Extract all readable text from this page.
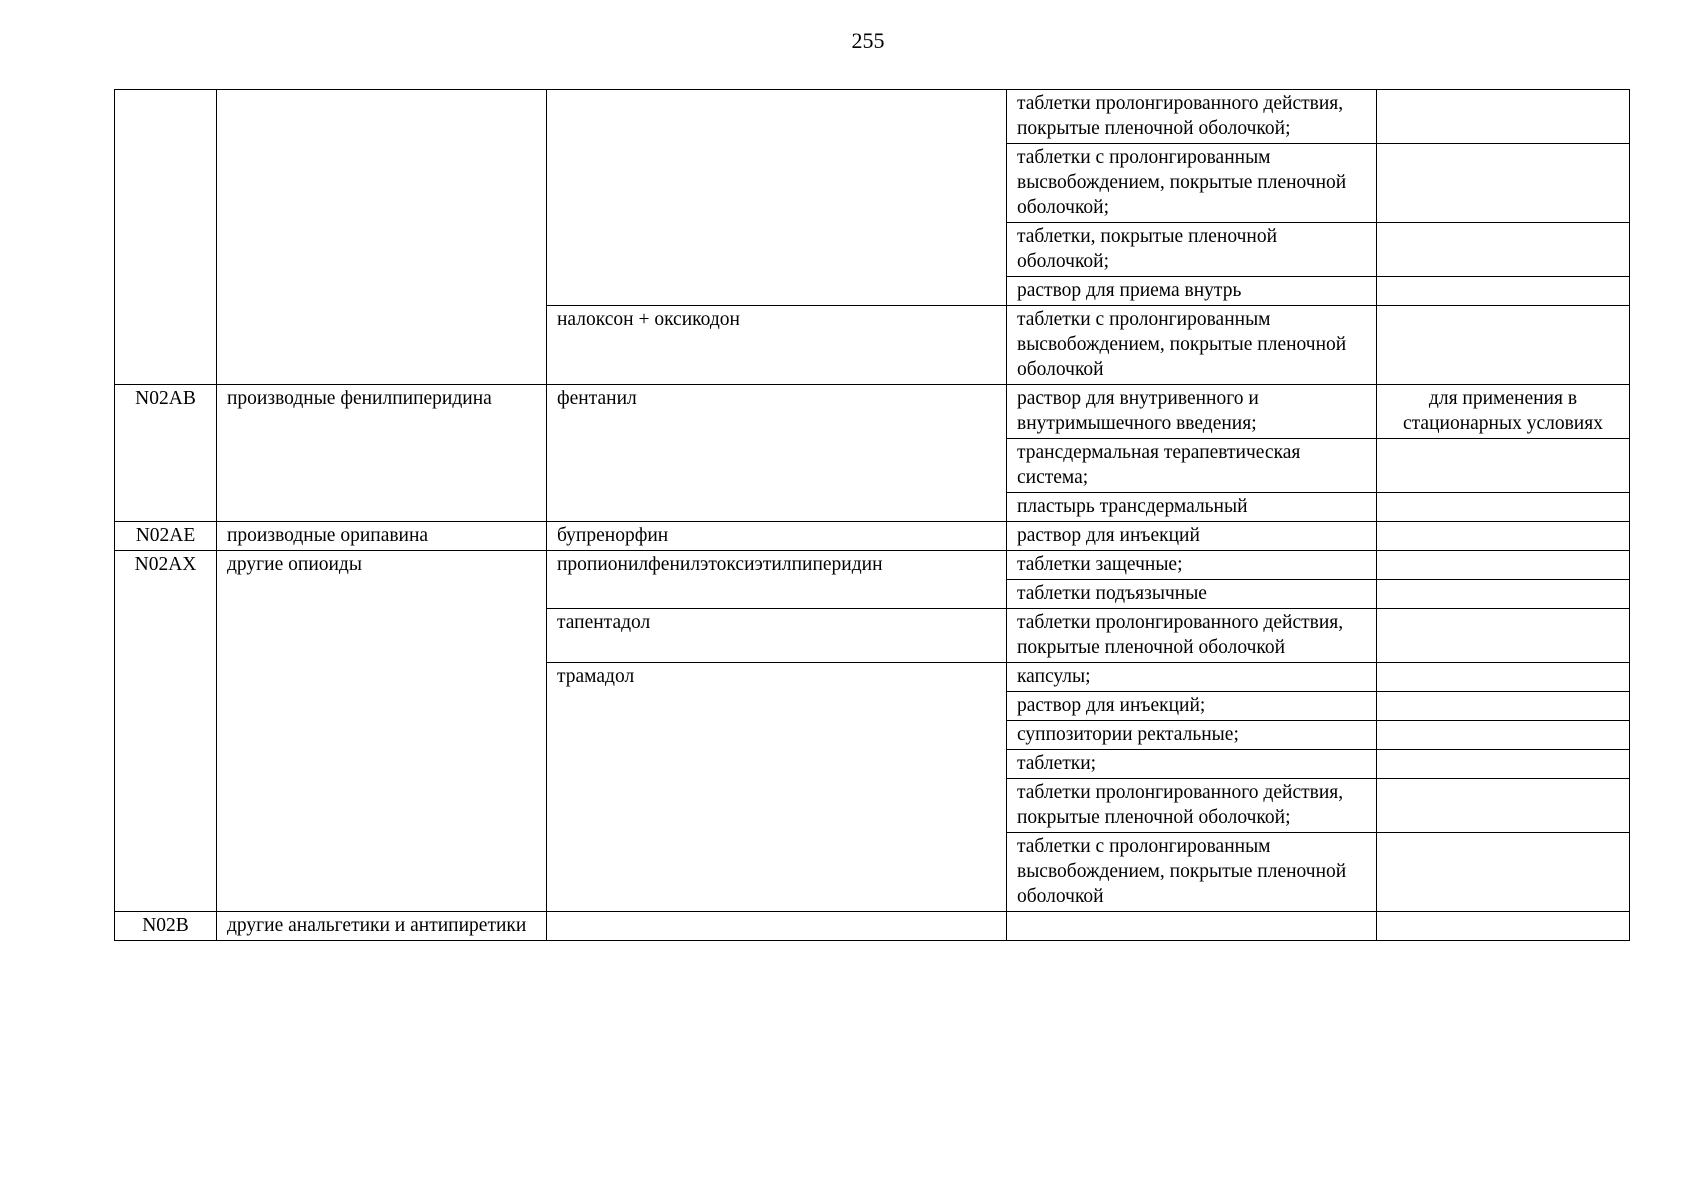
255
			таблетки пролонгированного действия, покрытые пленочной оболочкой;	
			таблетки с пролонгированным высвобождением, покрытые пленочной оболочкой;	
			таблетки, покрытые пленочной оболочкой;	
			раствор для приема внутрь	
		налоксон + оксикодон	таблетки с пролонгированным высвобождением, покрытые пленочной оболочкой	
N02AB	производные фенилпиперидина	фентанил	раствор для внутривенного и внутримышечного введения;	для применения в стационарных условиях
			трансдермальная терапевтическая система;	
			пластырь трансдермальный	
N02AE	производные орипавина	бупренорфин	раствор для инъекций	
N02AX	другие опиоиды	пропионилфенилэтоксиэтилпиперидин	таблетки защечные;	
			таблетки подъязычные	
		тапентадол	таблетки пролонгированного действия, покрытые пленочной оболочкой	
		трамадол	капсулы;	
			раствор для инъекций;	
			суппозитории ректальные;	
			таблетки;	
			таблетки пролонгированного действия, покрытые пленочной оболочкой;	
			таблетки с пролонгированным высвобождением, покрытые пленочной оболочкой	
N02B	другие анальгетики и антипиретики			
